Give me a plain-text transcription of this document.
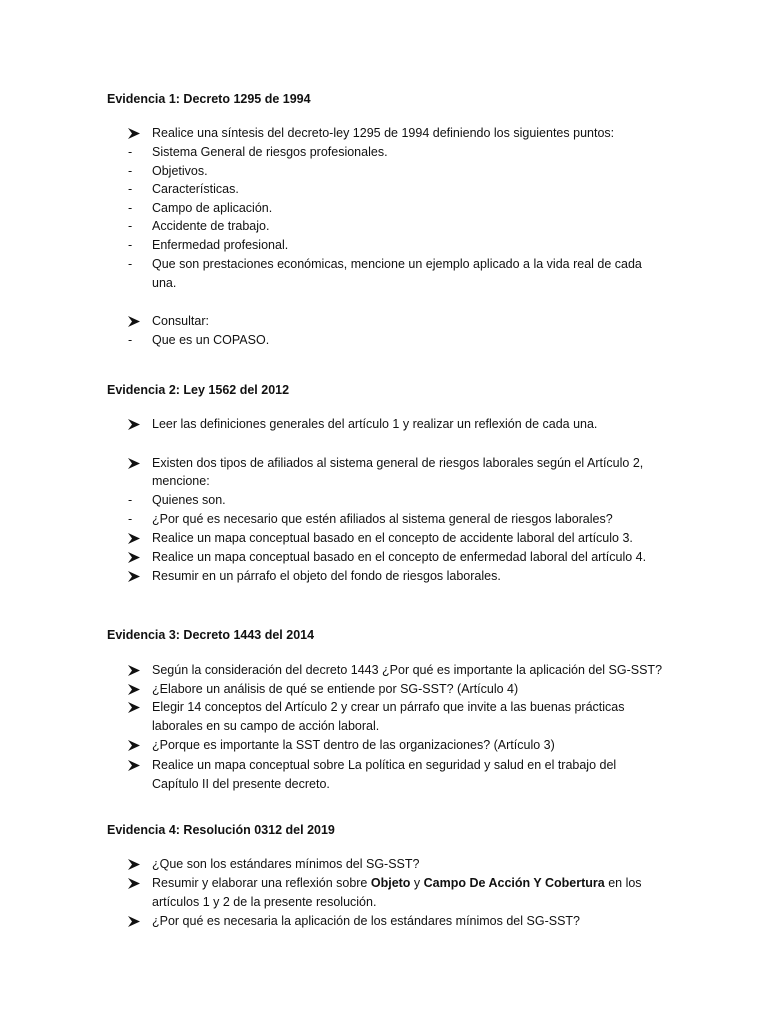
Evidencia 1: Decreto 1295 de 1994
Realice una síntesis del decreto-ley 1295 de 1994 definiendo los siguientes puntos:
-	Sistema General de riesgos profesionales.
-	Objetivos.
-	Características.
-	Campo de aplicación.
-	Accidente de trabajo.
-	Enfermedad profesional.
-	Que son prestaciones económicas, mencione un ejemplo aplicado a la vida real de cada
una.
Consultar:
-	Que es un COPASO.
Evidencia 2: Ley 1562 del 2012
Leer las definiciones generales del artículo 1 y realizar un reflexión de cada una.
Existen dos tipos de afiliados al sistema general de riesgos laborales según el Artículo 2,
mencione:
-	Quienes son.
-	¿Por qué es necesario que estén afiliados al sistema general de riesgos laborales?
Realice un mapa conceptual basado en el concepto de accidente laboral del artículo 3.
Realice un mapa conceptual basado en el concepto de enfermedad laboral del artículo 4.
Resumir en un párrafo el objeto del fondo de riesgos laborales.
Evidencia 3: Decreto 1443 del 2014
Según la consideración del decreto 1443 ¿Por qué es importante la aplicación del SG-SST?
¿Elabore un análisis de qué se entiende por SG-SST? (Artículo 4)
Elegir 14 conceptos del Artículo 2 y crear un párrafo que invite a las buenas prácticas
laborales en su campo de acción laboral.
¿Porque es importante la SST dentro de las organizaciones? (Artículo 3)
Realice un mapa conceptual sobre La política en seguridad y salud en el trabajo del
Capítulo II del presente decreto.
Evidencia 4: Resolución 0312 del 2019
¿Que son los estándares mínimos del SG-SST?
Resumir y elaborar una reflexión sobre Objeto y Campo De Acción Y Cobertura en los
artículos 1 y 2 de la presente resolución.
¿Por qué es necesaria la aplicación de los estándares mínimos del SG-SST?
